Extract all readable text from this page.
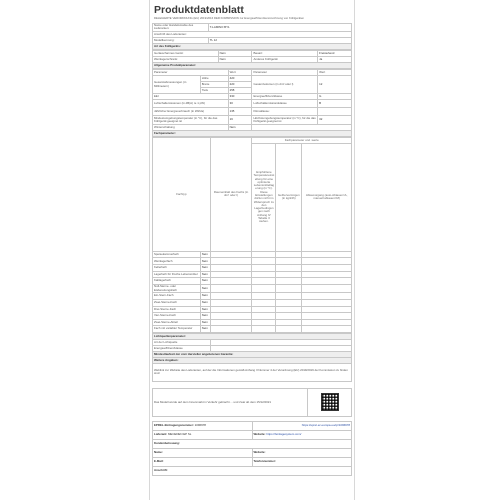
Produktdatenblatt
DELEGIERTE VERORDNUNG (EU) 2019/2016 DER KOMMISSION zur Energieeffizienzkennzeichnung von Kühlgeräten
Name oder Handelsmarke des Lieferanten:	T-LAMINO BY1
Anschrift des Lieferanten:	
Modellkennung:	TL 12
Art des Kühlgeräts:	
Geräuscharmes Gerät:	Nein	Bauart:	Freistehend
Weinlagerschrank:	Nein	Anderes Kühlgerät:	Ja
Allgemeine Produktparameter:			
Parameter		Wert	Parameter	Wert
Gesamtabmessungen (in Millimetern)	Höhe	420	Gesamtvolumen (in dm³ oder l)	12
	Breite	220		
	Tiefe	258		
EEI		330	Energieeffizienzklasse	G
Luftschallemissionen (in dB(A) re 1 pW)		30	Luftschallemissionsklasse	B
Jährlicher Energieverbrauch (in kWh/a)		135	Klimaklasse:	
Mindestumgebungstemperatur (in °C), für die das Kühlgerät geeignet ist		16	Höchstumgebungstemperatur (in °C), für die das Kühlgerät geeignet ist	32
Winterschaltung		Nein		
Fachparameter:				
Fachtyp		Raumeinhalt des Fachs (in dm³ oder l)	Fachparameter und -werte		
			Empfohlene Temperatureinstellung für eine optimierte Lebensmittellagerung (in °C). Diese Einstellungen dürfen nicht im Widerspruch zu den Lagerbedingungen nach Anhang IV Tabelle 3 stehen.	Gefriervermögen (in kg/24h)	Abtauvorgang (auto-Abtauen=A, manuell abtauen=M)
Speisekammerfach	Nein				
Weinlagerfach	Nein				
Kellerfach	Nein				
Lagerfach für frische Lebensmittel	Nein				
Kaltlagerfach	Nein				
Null-Sterne- oder Eisbereitungsfach	Nein				
Ein-Stern-Fach	Nein				
Zwei-Sterne-Fach	Nein				
Drei-Sterne-Fach	Nein				
Vier-Sterne-Fach	Nein				
Zwei-Sterne-Abteil	Nein				
Fach mit variabler Temperatur	Nein				
Lichtquellenparameter:	
Art der Lichtquelle	
Energieeffizienzklasse	
Mindestlaufzeit der vom Hersteller angebotenen Garantie:	
Weitere Angaben:	
Weblink zur Website des Lieferanten, auf der die Informationen gemäß Anhang II Nummer 4 der Verordnung (EU) 2019/2019 der Kommission zu finden sind:	
Das Modell wurde auf dem Innenmarkt in Verkehr gebracht ... und zwar ab dem 15/12/2021	
EPREL-Eintragungsnummer: 1096978	https://eprel.ec.europa.eu/qr/1096978
Lieferant: MECEDEN EP SL	Website: https://feinlagesystem.com/
Kundenbetreuung:	
Name:	Website:
E-Mail:	Telefonnummer:
Anschrift:	
